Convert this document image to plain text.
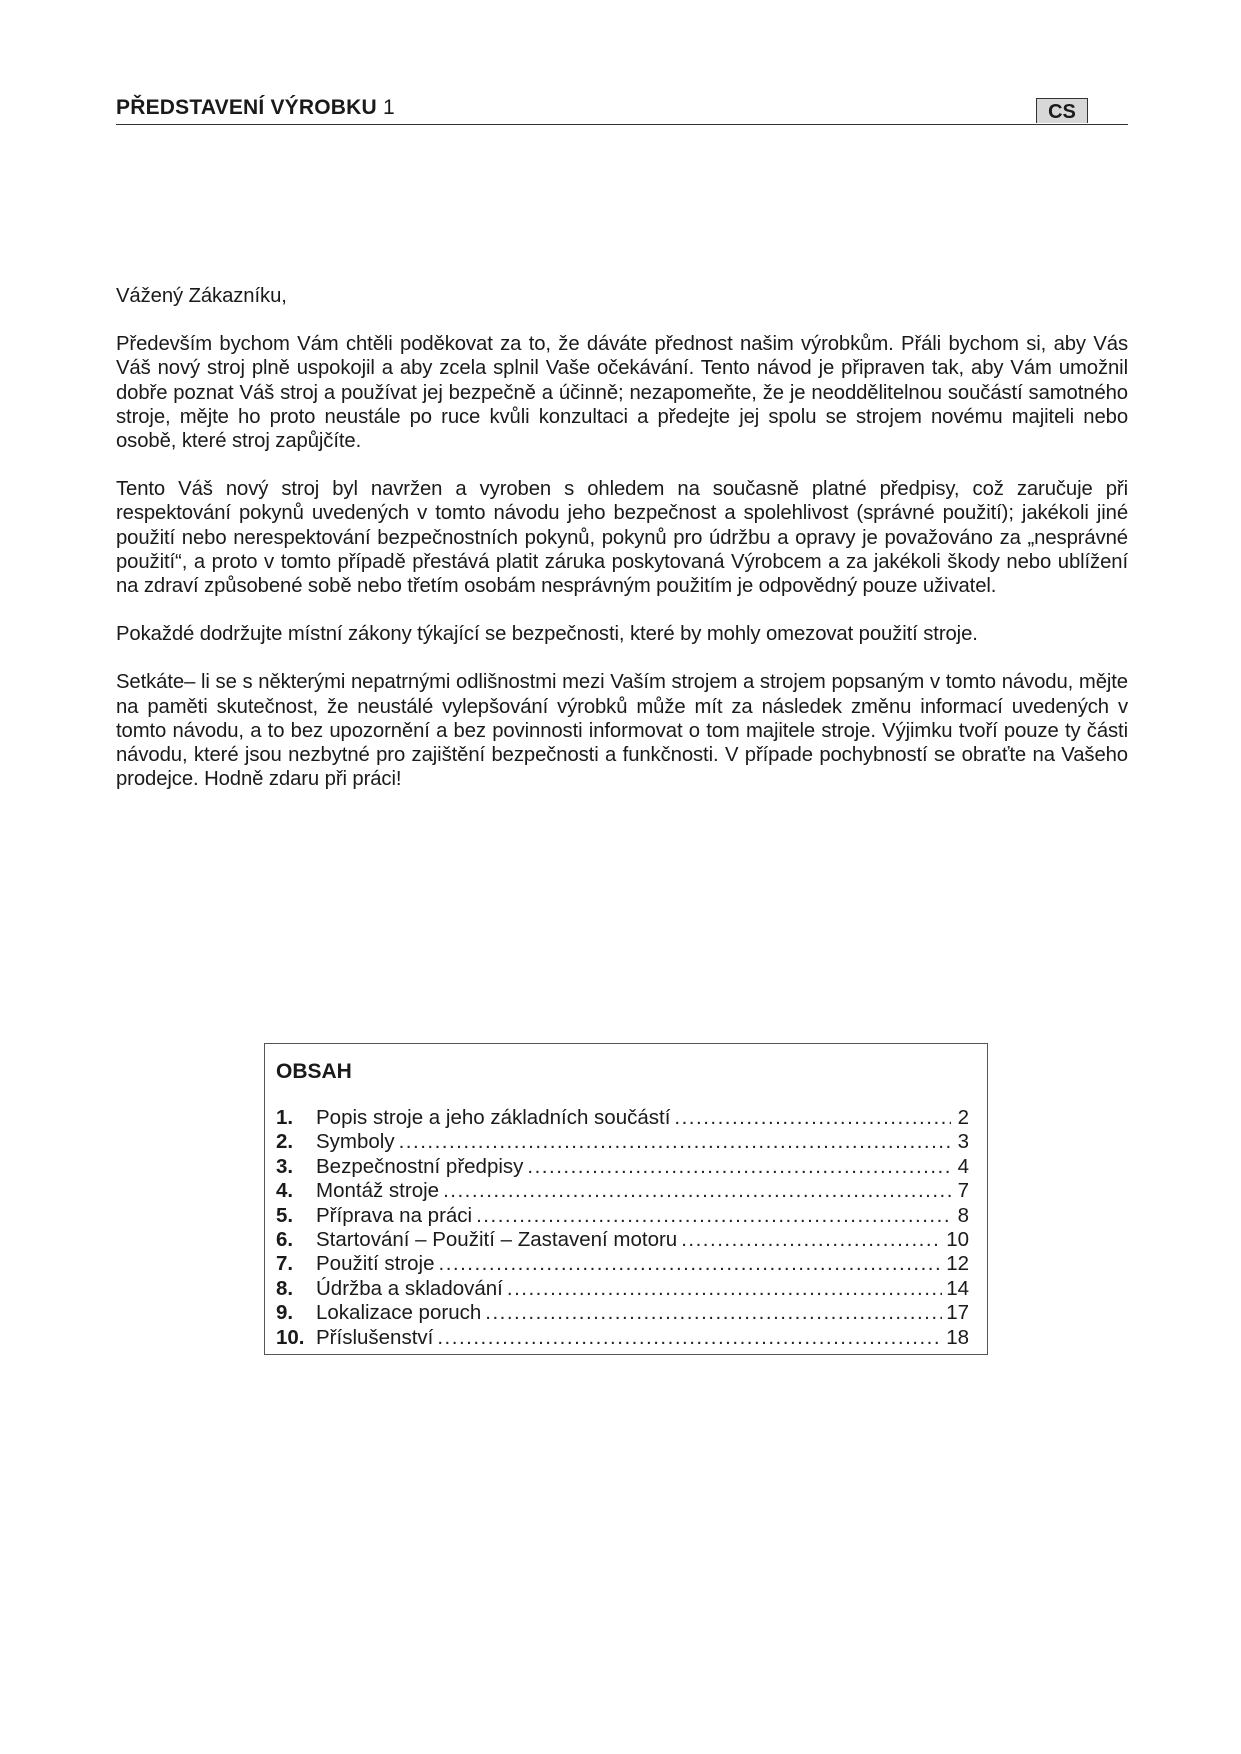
PŘEDSTAVENÍ VÝROBKU 1	CS

Vážený Zákazníku,

Především bychom Vám chtěli poděkovat za to, že dáváte přednost našim výrobkům. Přáli bychom si, aby Vás Váš nový stroj plně uspokojil a aby zcela splnil Vaše očekávání. Tento návod je připraven tak, aby Vám umožnil dobře poznat Váš stroj a používat jej bezpečně a účinně; nezapomeňte, že je neoddělitelnou součástí samotného stroje, mějte ho proto neustále po ruce kvůli konzultaci a předejte jej spolu se strojem novému majiteli nebo osobě, které stroj zapůjčíte.

Tento Váš nový stroj byl navržen a vyroben s ohledem na současně platné předpisy, což zaručuje při respektování pokynů uvedených v tomto návodu jeho bezpečnost a spolehlivost (správné použití); jakékoli jiné použití nebo nerespektování bezpečnostních pokynů, pokynů pro údržbu a opravy je považováno za „nesprávné použití“, a proto v tomto případě přestává platit záruka poskytovaná Výrobcem a za jakékoli škody nebo ublížení na zdraví způsobené sobě nebo třetím osobám nesprávným použitím je odpovědný pouze uživatel.

Pokaždé dodržujte místní zákony týkající se bezpečnosti, které by mohly omezovat použití stroje.

Setkáte– li se s některými nepatrnými odlišnostmi mezi Vaším strojem a strojem popsaným v tomto návodu, mějte na paměti skutečnost, že neustálé vylepšování výrobků může mít za následek změnu informací uvedených v tomto návodu, a to bez upozornění a bez povinnosti informovat o tom majitele stroje. Výjimku tvoří pouze ty části návodu, které jsou nezbytné pro zajištění bezpečnosti a funkčnosti. V případe pochybností se obraťte na Vašeho prodejce. Hodně zdaru při práci!

OBSAH
1.	Popis stroje a jeho základních součástí .....	2
2.	Symboly .....	3
3.	Bezpečnostní předpisy .....	4
4.	Montáž stroje .....	7
5.	Příprava na práci .....	8
6.	Startování – Použití – Zastavení motoru .....	10
7.	Použití stroje .....	12
8.	Údržba a skladování .....	14
9.	Lokalizace poruch .....	17
10. Příslušenství .....	18
